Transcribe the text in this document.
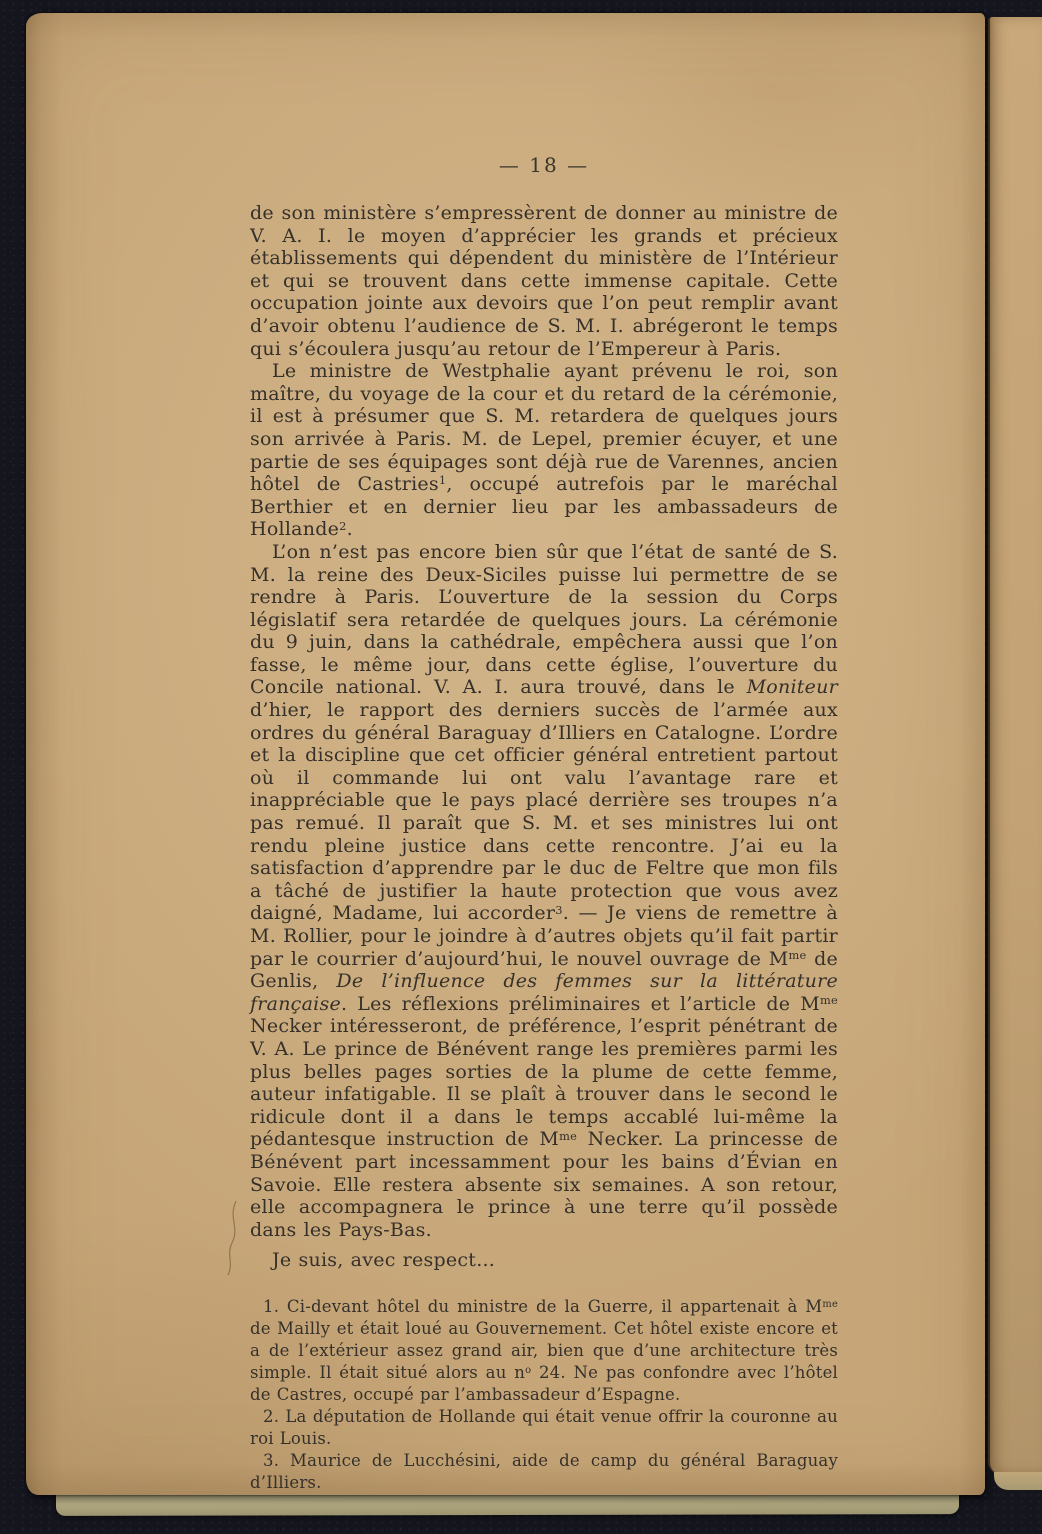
— 18 —

de son ministère s’empressèrent de donner au ministre de V. A. I. le moyen d’apprécier les grands et précieux établissements qui dépendent du ministère de l’Intérieur et qui se trouvent dans cette immense capitale. Cette occupation jointe aux devoirs que l’on peut remplir avant d’avoir obtenu l’audience de S. M. I. abrégeront le temps qui s’écoulera jusqu’au retour de l’Empereur à Paris.

Le ministre de Westphalie ayant prévenu le roi, son maître, du voyage de la cour et du retard de la cérémonie, il est à présumer que S. M. retardera de quelques jours son arrivée à Paris. M. de Lepel, premier écuyer, et une partie de ses équipages sont déjà rue de Varennes, ancien hôtel de Castries$^1$, occupé autrefois par le maréchal Berthier et en dernier lieu par les ambassadeurs de Hollande$^2$.

L’on n’est pas encore bien sûr que l’état de santé de S. M. la reine des Deux-Siciles puisse lui permettre de se rendre à Paris. L’ouverture de la session du Corps législatif sera retardée de quelques jours. La cérémonie du 9 juin, dans la cathédrale, empêchera aussi que l’on fasse, le même jour, dans cette église, l’ouverture du Concile national. V. A. I. aura trouvé, dans le Moniteur d’hier, le rapport des derniers succès de l’armée aux ordres du général Baraguay d’Illiers en Catalogne. L’ordre et la discipline que cet officier général entretient partout où il commande lui ont valu l’avantage rare et inappréciable que le pays placé derrière ses troupes n’a pas remué. Il paraît que S. M. et ses ministres lui ont rendu pleine justice dans cette rencontre. J’ai eu la satisfaction d’apprendre par le duc de Feltre que mon fils a tâché de justifier la haute protection que vous avez daigné, Madame, lui accorder$^3$. — Je viens de remettre à M. Rollier, pour le joindre à d’autres objets qu’il fait partir par le courrier d’aujourd’hui, le nouvel ouvrage de $M^{me}$ de Genlis, De l’influence des femmes sur la littérature française. Les réflexions préliminaires et l’article de $M^{me}$ Necker intéresseront, de préférence, l’esprit pénétrant de V. A. Le prince de Bénévent range les premières parmi les plus belles pages sorties de la plume de cette femme, auteur infatigable. Il se plaît à trouver dans le second le ridicule dont il a dans le temps accablé lui-même la pédantesque instruction de $M^{me}$ Necker. La princesse de Bénévent part incessamment pour les bains d’Évian en Savoie. Elle restera absente six semaines. A son retour, elle accompagnera le prince à une terre qu’il possède dans les Pays-Bas.

Je suis, avec respect...

1. Ci-devant hôtel du ministre de la Guerre, il appartenait à $M^{me}$ de Mailly et était loué au Gouvernement. Cet hôtel existe encore et a de l’extérieur assez grand air, bien que d’une architecture très simple. Il était situé alors au $n^o$ 24. Ne pas confondre avec l’hôtel de Castres, occupé par l’ambassadeur d’Espagne.

2. La députation de Hollande qui était venue offrir la couronne au roi Louis.

3. Maurice de Lucchésini, aide de camp du général Baraguay d’Illiers.
